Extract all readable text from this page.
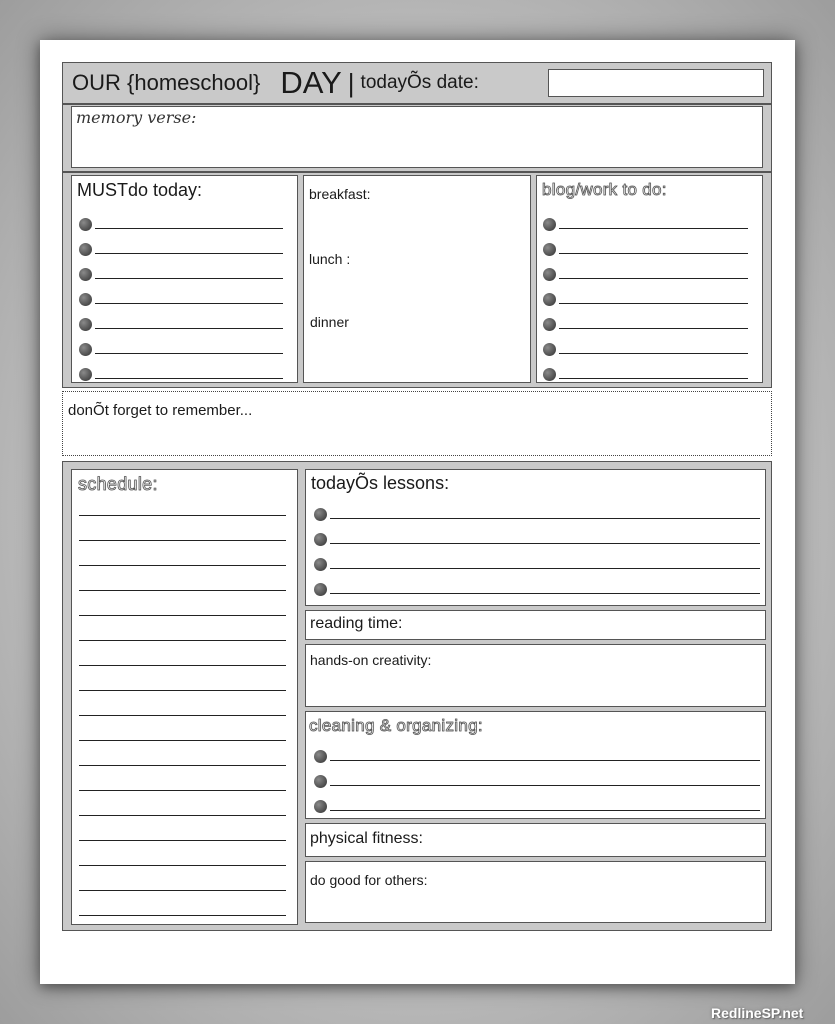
OUR {homeschool} DAY | todayÕs date:
memory verse:
MUSTdo today:	breakfast:
lunch :
dinner
blog/work to do:
donÕt forget to remember...
schedule:	todayÕs lessons:
reading time:
hands-on creativity:
cleaning & organizing:
physical fitness:
do good for others:
RedlineSP.net
